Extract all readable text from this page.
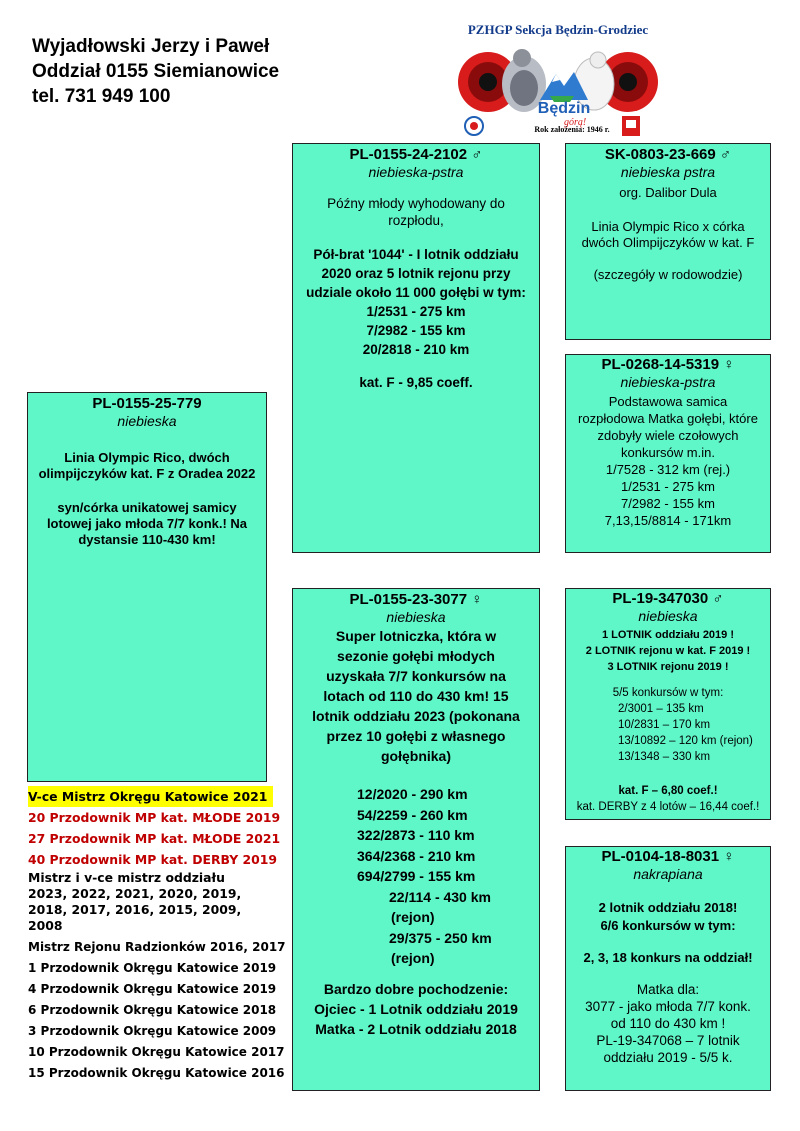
Wyjadłowski Jerzy i Paweł
Oddział 0155 Siemianowice
tel. 731 949 100
PZHGP Sekcja Będzin-Grodziec
Będzin
górą!
Rok założenia: 1946 r.

PL-0155-25-779

niebieska

Linia Olympic Rico, dwóch olimpijczyków kat. F z Oradea 2022

syn/córka unikatowej samicy lotowej jako młoda 7/7 konk.! Na dystansie 110-430 km!

PL-0155-24-2102 ♂

niebieska-pstra

Późny młody wyhodowany do rozpłodu,

Pół-brat '1044' - I lotnik oddziału 2020 oraz 5 lotnik rejonu przy udziale około 11 000 gołębi w tym:

1/2531 - 275 km

7/2982 - 155 km

20/2818 - 210 km

kat. F - 9,85 coeff.

SK-0803-23-669 ♂

niebieska pstra

org. Dalibor Dula

Linia Olympic Rico x córka dwóch Olimpijczyków w kat. F

(szczegóły w rodowodzie)

PL-0268-14-5319 ♀

niebieska-pstra

Podstawowa samica rozpłodowa Matka gołębi, które zdobyły wiele czołowych konkursów m.in.

1/7528 - 312 km (rej.)

1/2531 - 275 km

7/2982 - 155 km

7,13,15/8814 - 171km

PL-0155-23-3077 ♀

niebieska

Super lotniczka, która w sezonie gołębi młodych uzyskała 7/7 konkursów na lotach od 110 do 430 km! 15 lotnik oddziału 2023 (pokonana przez 10 gołębi z własnego gołębnika)

12/2020 - 290 km
54/2259 - 260 km
322/2873 - 110 km
364/2368 - 210 km
694/2799 - 155 km
22/114 - 430 km
(rejon)
29/375 - 250 km
(rejon)

Bardzo dobre pochodzenie:

Ojciec - 1 Lotnik oddziału 2019

Matka - 2 Lotnik oddziału 2018

PL-19-347030 ♂

niebieska

1 LOTNIK oddziału 2019 !

2 LOTNIK rejonu w kat. F 2019 !

3 LOTNIK rejonu 2019 !

5/5 konkursów w tym:

2/3001 – 135 km
10/2831 – 170 km
13/10892 – 120 km (rejon)
13/1348 – 330 km

kat. F – 6,80 coef.!

kat. DERBY z 4 lotów – 16,44 coef.!

PL-0104-18-8031 ♀

nakrapiana

2 lotnik oddziału 2018!

6/6 konkursów w tym:

2, 3, 18 konkurs na oddział!

Matka dla:

3077 - jako młoda 7/7 konk. od 110 do 430 km !

PL-19-347068 – 7 lotnik oddziału 2019 - 5/5 k.

V-ce Mistrz Okręgu Katowice 2021
20 Przodownik MP kat. MŁODE 2019
27 Przodownik MP kat. MŁODE 2021
40 Przodownik MP kat. DERBY 2019
Mistrz i v-ce mistrz oddziału 2023, 2022, 2021, 2020, 2019, 2018, 2017, 2016, 2015, 2009, 2008
Mistrz Rejonu Radzionków 2016, 2017
1 Przodownik Okręgu Katowice 2019
4 Przodownik Okręgu Katowice 2019
6 Przodownik Okręgu Katowice 2018
3 Przodownik Okręgu Katowice 2009
10 Przodownik Okręgu Katowice 2017
15 Przodownik Okręgu Katowice 2016
